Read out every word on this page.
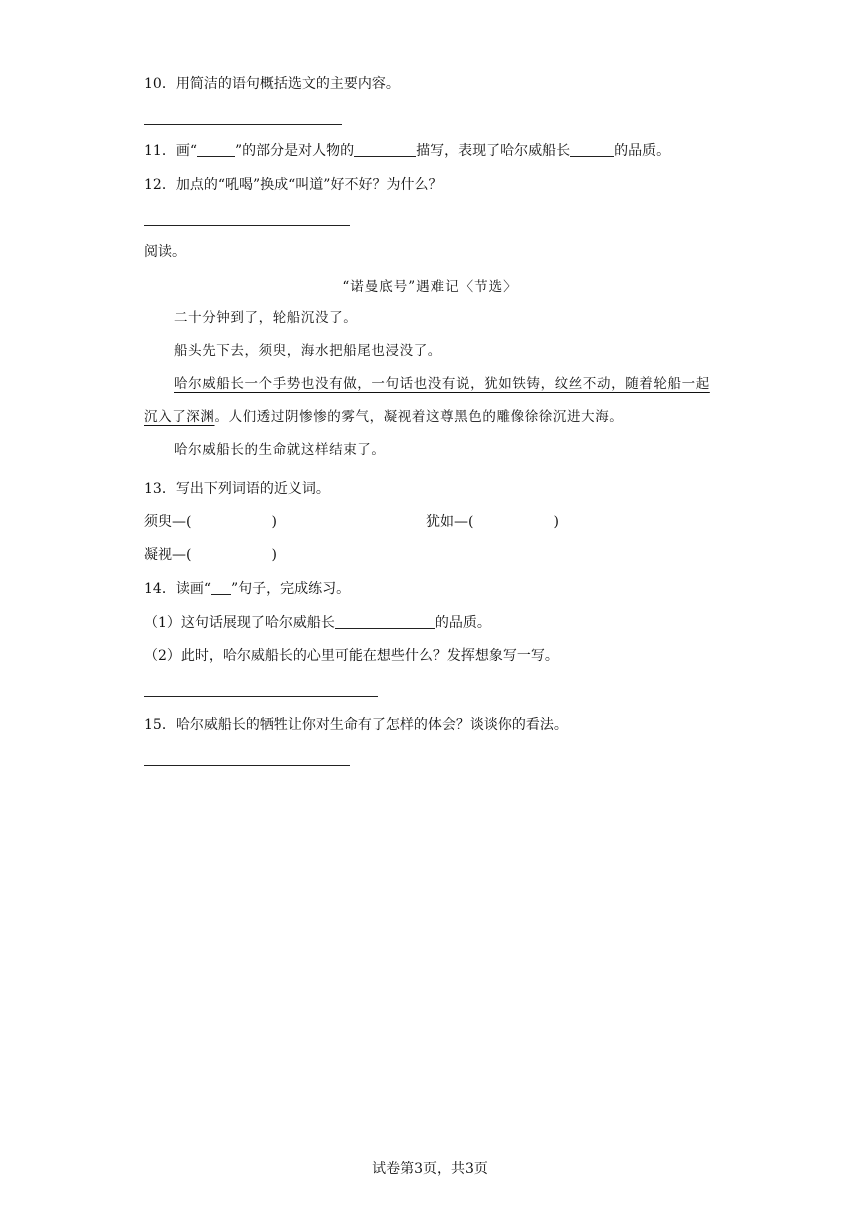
10．用简洁的语句概括选文的主要内容。
11．画“	”的部分是对人物的	描写，表现了哈尔威船长	的品质。
12．加点的“吼喝”换成“叫道”好不好？为什么？
阅读。
“诺曼底号”遇难记〈节选〉

二十分钟到了，轮船沉没了。

船头先下去，须臾，海水把船尾也浸没了。

哈尔威船长一个手势也没有做，一句话也没有说，犹如铁铸，纹丝不动，随着轮船一起沉入了深渊。人们透过阴惨惨的雾气，凝视着这尊黑色的雕像徐徐沉进大海。

哈尔威船长的生命就这样结束了。

13．写出下列词语的近义词。
须臾—(	)	犹如—(	)
凝视—(	)
14．读画“ ”句子，完成练习。
（1）这句话展现了哈尔威船长	的品质。
（2）此时，哈尔威船长的心里可能在想些什么？发挥想象写一写。
15．哈尔威船长的牺牲让你对生命有了怎样的体会？谈谈你的看法。
试卷第3页，共3页
